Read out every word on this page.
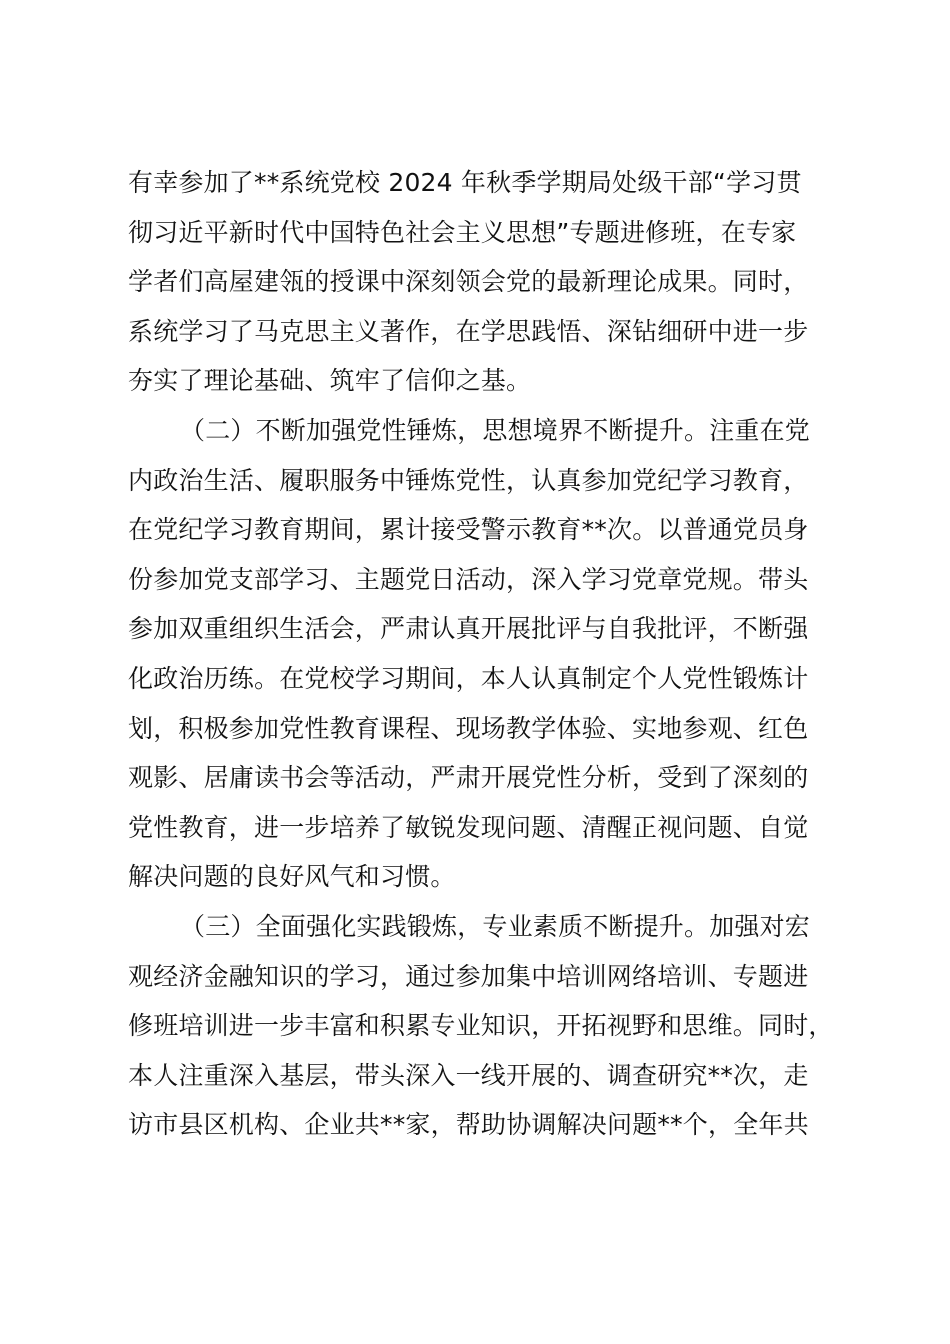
有幸参加了**系统党校 2024 年秋季学期局处级干部“学习贯
彻习近平新时代中国特色社会主义思想”专题进修班，在专家
学者们高屋建瓴的授课中深刻领会党的最新理论成果。同时，
系统学习了马克思主义著作，在学思践悟、深钻细研中进一步
夯实了理论基础、筑牢了信仰之基。
（二）不断加强党性锤炼，思想境界不断提升。注重在党
内政治生活、履职服务中锤炼党性，认真参加党纪学习教育，
在党纪学习教育期间，累计接受警示教育**次。以普通党员身
份参加党支部学习、主题党日活动，深入学习党章党规。带头
参加双重组织生活会，严肃认真开展批评与自我批评，不断强
化政治历练。在党校学习期间，本人认真制定个人党性锻炼计
划，积极参加党性教育课程、现场教学体验、实地参观、红色
观影、居庸读书会等活动，严肃开展党性分析，受到了深刻的
党性教育，进一步培养了敏锐发现问题、清醒正视问题、自觉
解决问题的良好风气和习惯。
（三）全面强化实践锻炼，专业素质不断提升。加强对宏
观经济金融知识的学习，通过参加集中培训网络培训、专题进
修班培训进一步丰富和积累专业知识，开拓视野和思维。同时，
本人注重深入基层，带头深入一线开展的、调查研究**次，走
访市县区机构、企业共**家，帮助协调解决问题**个，全年共
